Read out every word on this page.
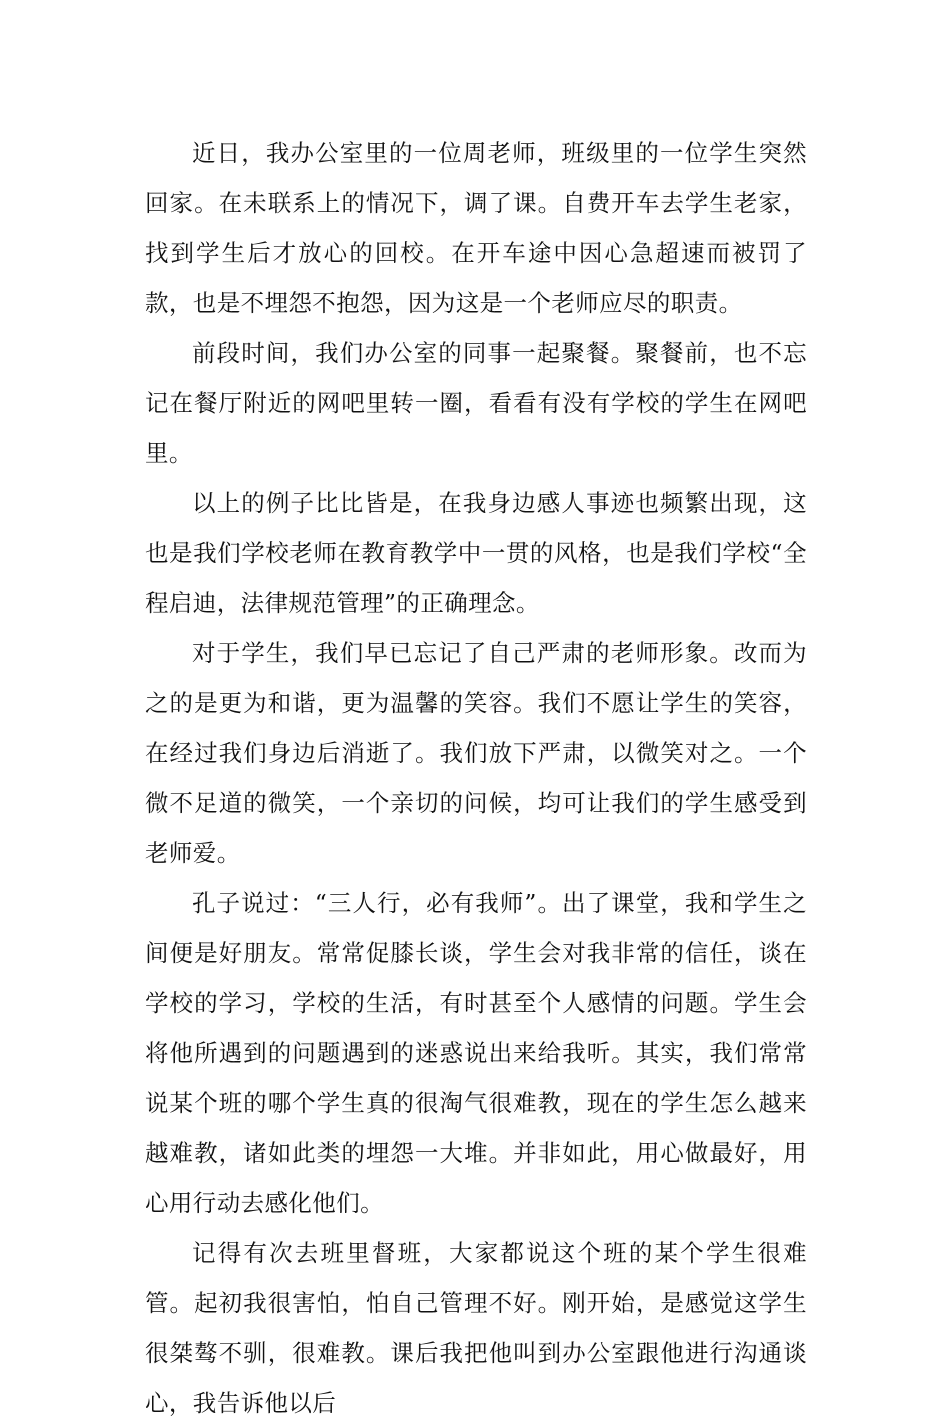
近日，我办公室里的一位周老师，班级里的一位学生突然回家。在未联系上的情况下，调了课。自费开车去学生老家，找到学生后才放心的回校。在开车途中因心急超速而被罚了款，也是不埋怨不抱怨，因为这是一个老师应尽的职责。

前段时间，我们办公室的同事一起聚餐。聚餐前，也不忘记在餐厅附近的网吧里转一圈，看看有没有学校的学生在网吧里。

以上的例子比比皆是，在我身边感人事迹也频繁出现，这也是我们学校老师在教育教学中一贯的风格，也是我们学校“全程启迪，法律规范管理”的正确理念。

对于学生，我们早已忘记了自己严肃的老师形象。改而为之的是更为和谐，更为温馨的笑容。我们不愿让学生的笑容，在经过我们身边后消逝了。我们放下严肃，以微笑对之。一个微不足道的微笑，一个亲切的问候，均可让我们的学生感受到老师爱。

孔子说过：“三人行，必有我师”。出了课堂，我和学生之间便是好朋友。常常促膝长谈，学生会对我非常的信任，谈在学校的学习，学校的生活，有时甚至个人感情的问题。学生会将他所遇到的问题遇到的迷惑说出来给我听。其实，我们常常说某个班的哪个学生真的很淘气很难教，现在的学生怎么越来越难教，诸如此类的埋怨一大堆。并非如此，用心做最好，用心用行动去感化他们。

记得有次去班里督班，大家都说这个班的某个学生很难管。起初我很害怕，怕自己管理不好。刚开始，是感觉这学生很桀骜不驯，很难教。课后我把他叫到办公室跟他进行沟通谈心，我告诉他以后
